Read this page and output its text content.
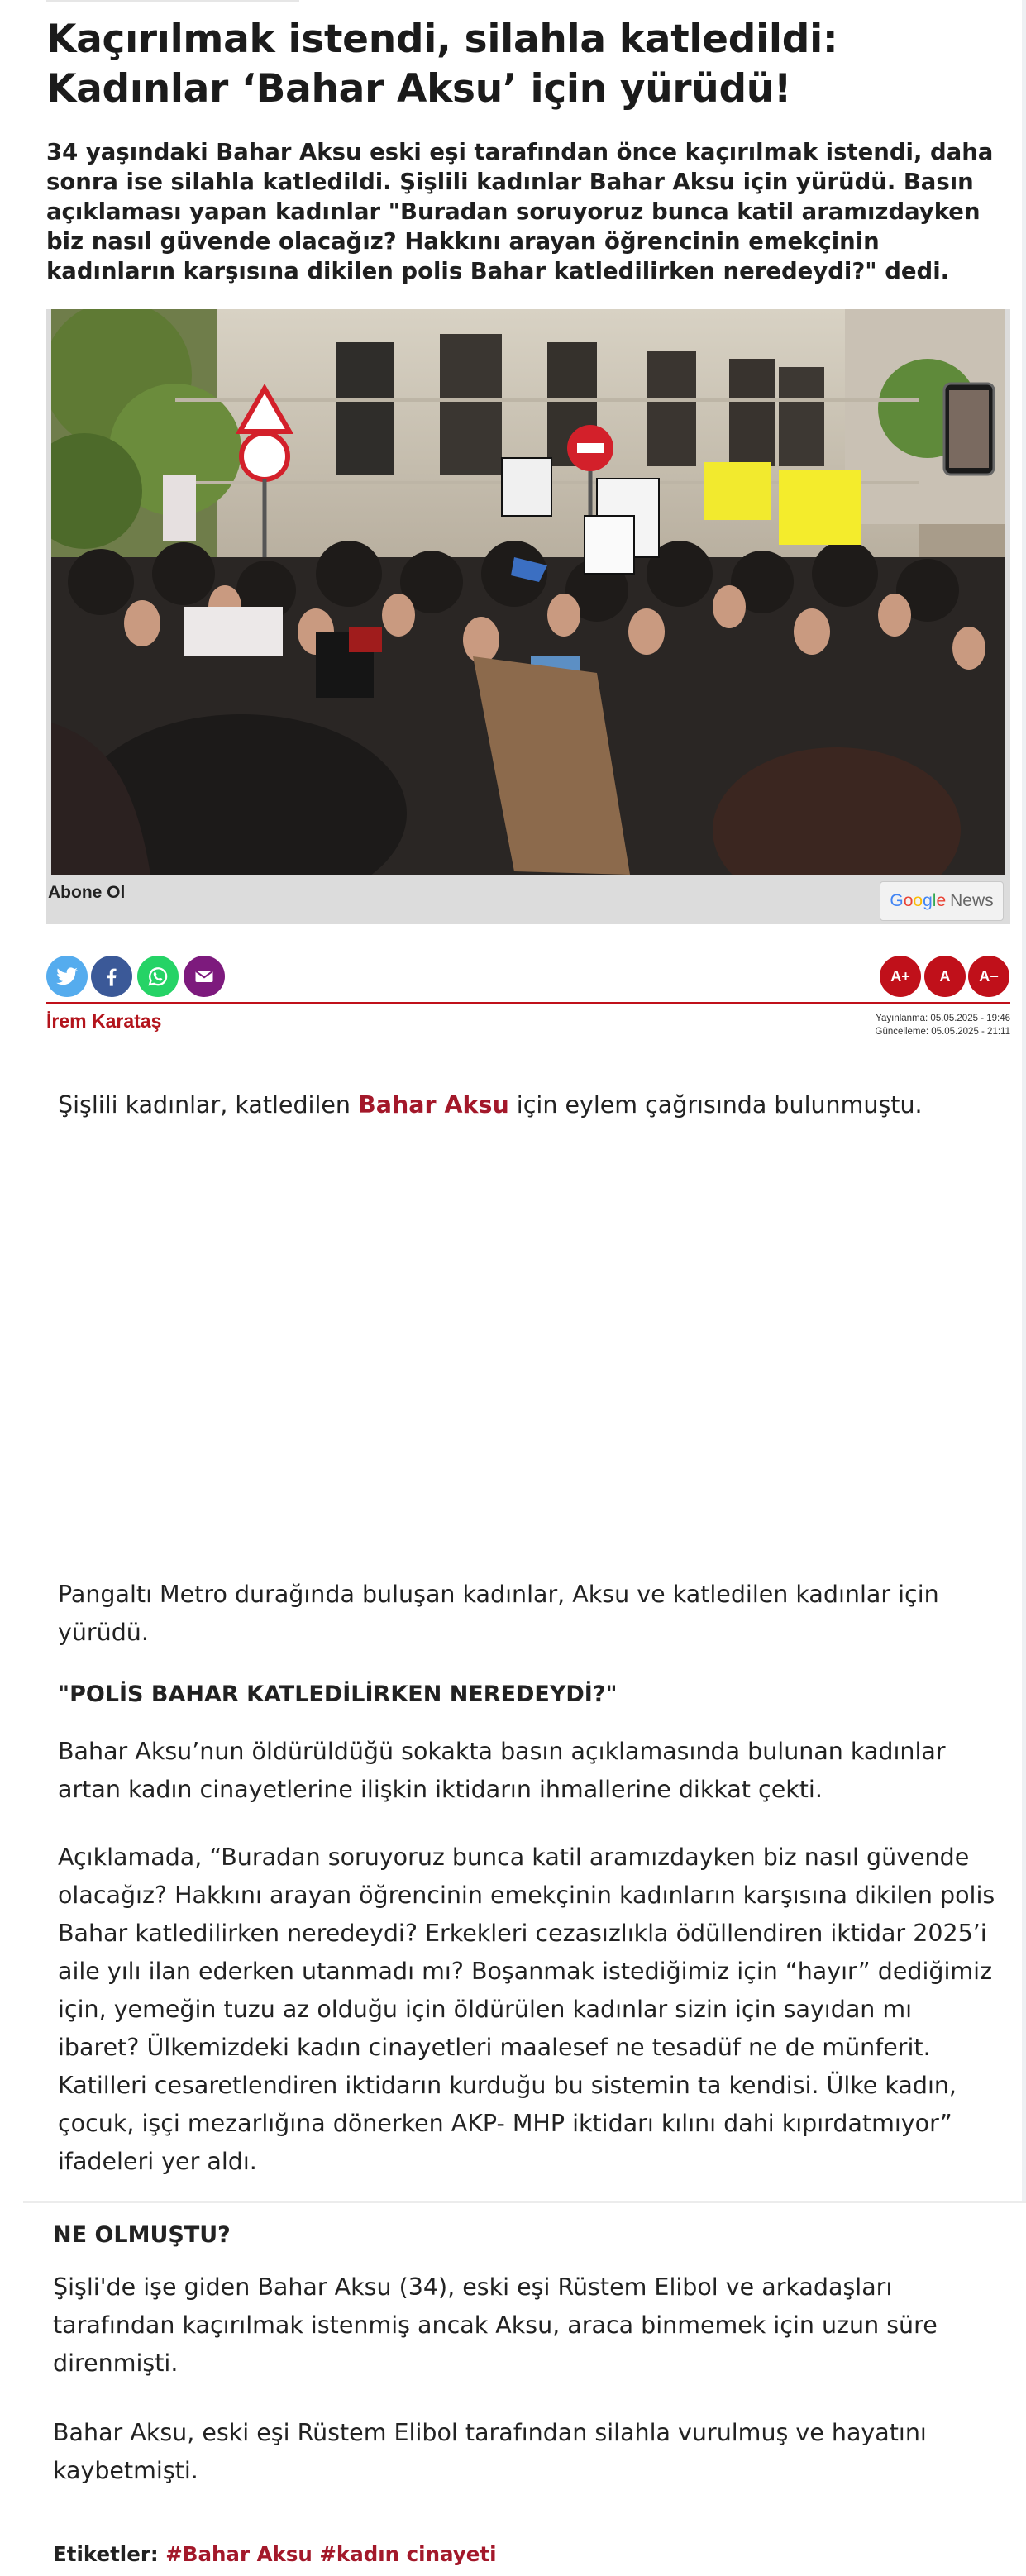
Kaçırılmak istendi, silahla katledildi: Kadınlar ‘Bahar Aksu’ için yürüdü!

34 yaşındaki Bahar Aksu eski eşi tarafından önce kaçırılmak istendi, daha sonra ise silahla katledildi. Şişlili kadınlar Bahar Aksu için yürüdü. Basın açıklaması yapan kadınlar "Buradan soruyoruz bunca katil aramızdayken biz nasıl güvende olacağız? Hakkını arayan öğrencinin emekçinin kadınların karşısına dikilen polis Bahar katledilirken neredeydi?" dedi.

Abone Ol	Google News
A+	A	A−
İrem Karataş	Yayınlanma: 05.05.2025 - 19:46
Güncelleme: 05.05.2025 - 21:11

Şişlili kadınlar, katledilen Bahar Aksu için eylem çağrısında bulunmuştu.

Pangaltı Metro durağında buluşan kadınlar, Aksu ve katledilen kadınlar için yürüdü.

"POLİS BAHAR KATLEDİLİRKEN NEREDEYDİ?"

Bahar Aksu’nun öldürüldüğü sokakta basın açıklamasında bulunan kadınlar artan kadın cinayetlerine ilişkin iktidarın ihmallerine dikkat çekti.

Açıklamada, “Buradan soruyoruz bunca katil aramızdayken biz nasıl güvende olacağız? Hakkını arayan öğrencinin emekçinin kadınların karşısına dikilen polis Bahar katledilirken neredeydi? Erkekleri cezasızlıkla ödüllendiren iktidar 2025’i aile yılı ilan ederken utanmadı mı? Boşanmak istediğimiz için “hayır” dediğimiz için, yemeğin tuzu az olduğu için öldürülen kadınlar sizin için sayıdan mı ibaret? Ülkemizdeki kadın cinayetleri maalesef ne tesadüf ne de münferit. Katilleri cesaretlendiren iktidarın kurduğu bu sistemin ta kendisi. Ülke kadın, çocuk, işçi mezarlığına dönerken AKP- MHP iktidarı kılını dahi kıpırdatmıyor” ifadeleri yer aldı.

NE OLMUŞTU?

Şişli'de işe giden Bahar Aksu (34), eski eşi Rüstem Elibol ve arkadaşları tarafından kaçırılmak istenmiş ancak Aksu, araca binmemek için uzun süre direnmişti.

Bahar Aksu, eski eşi Rüstem Elibol tarafından silahla vurulmuş ve hayatını kaybetmişti.

Etiketler: #Bahar Aksu #kadın cinayeti
